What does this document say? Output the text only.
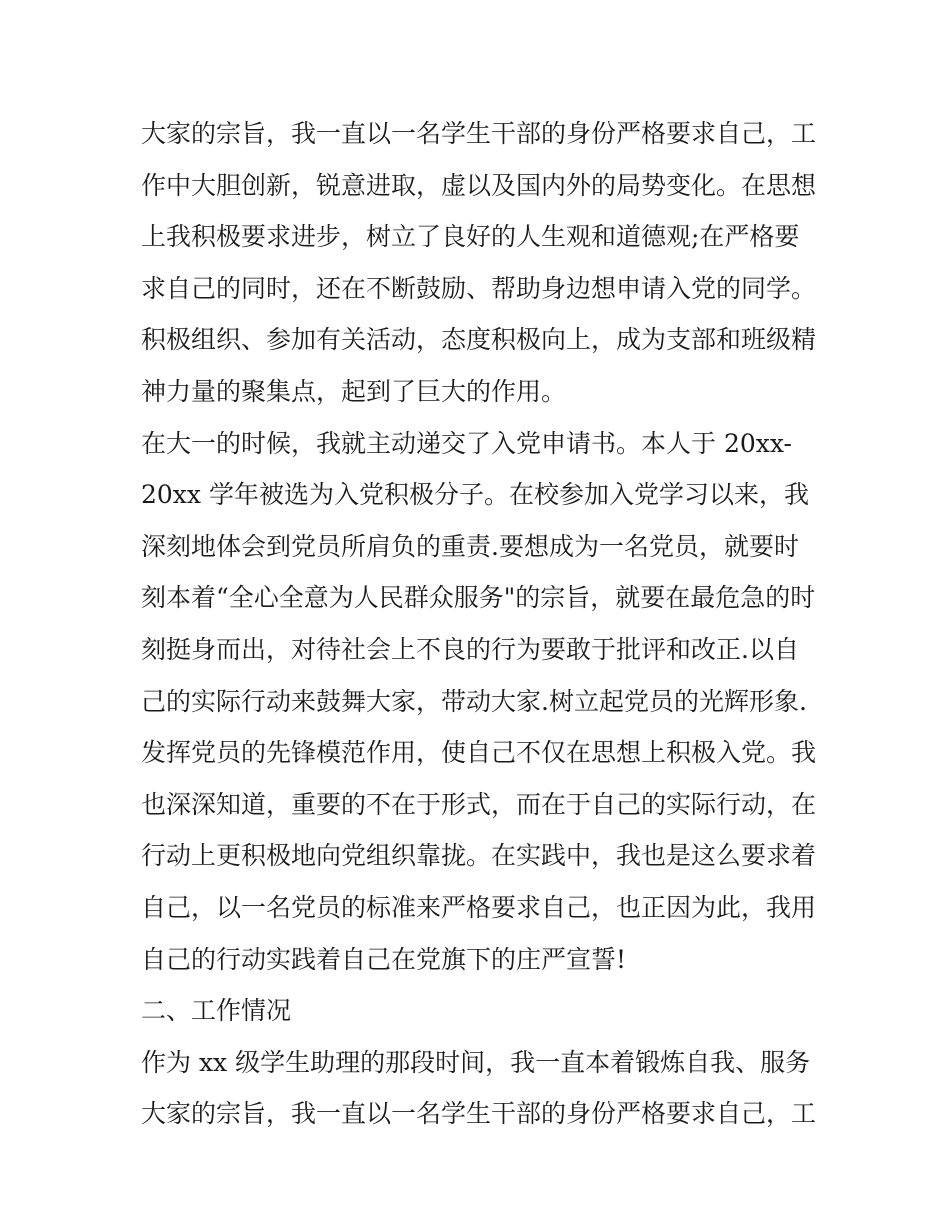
大家的宗旨，我一直以一名学生干部的身份严格要求自己，工
作中大胆创新，锐意进取，虚以及国内外的局势变化。在思想
上我积极要求进步，树立了良好的人生观和道德观;在严格要
求自己的同时，还在不断鼓励、帮助身边想申请入党的同学。
积极组织、参加有关活动，态度积极向上，成为支部和班级精
神力量的聚集点，起到了巨大的作用。
在大一的时候，我就主动递交了入党申请书。本人于 20xx-
20xx 学年被选为入党积极分子。在校参加入党学习以来，我
深刻地体会到党员所肩负的重责.要想成为一名党员，就要时
刻本着“全心全意为人民群众服务"的宗旨，就要在最危急的时
刻挺身而出，对待社会上不良的行为要敢于批评和改正.以自
己的实际行动来鼓舞大家，带动大家.树立起党员的光辉形象.
发挥党员的先锋模范作用，使自己不仅在思想上积极入党。我
也深深知道，重要的不在于形式，而在于自己的实际行动，在
行动上更积极地向党组织靠拢。在实践中，我也是这么要求着
自己，以一名党员的标准来严格要求自己，也正因为此，我用
自己的行动实践着自己在党旗下的庄严宣誓!
二、工作情况
作为 xx 级学生助理的那段时间，我一直本着锻炼自我、服务
大家的宗旨，我一直以一名学生干部的身份严格要求自己，工
